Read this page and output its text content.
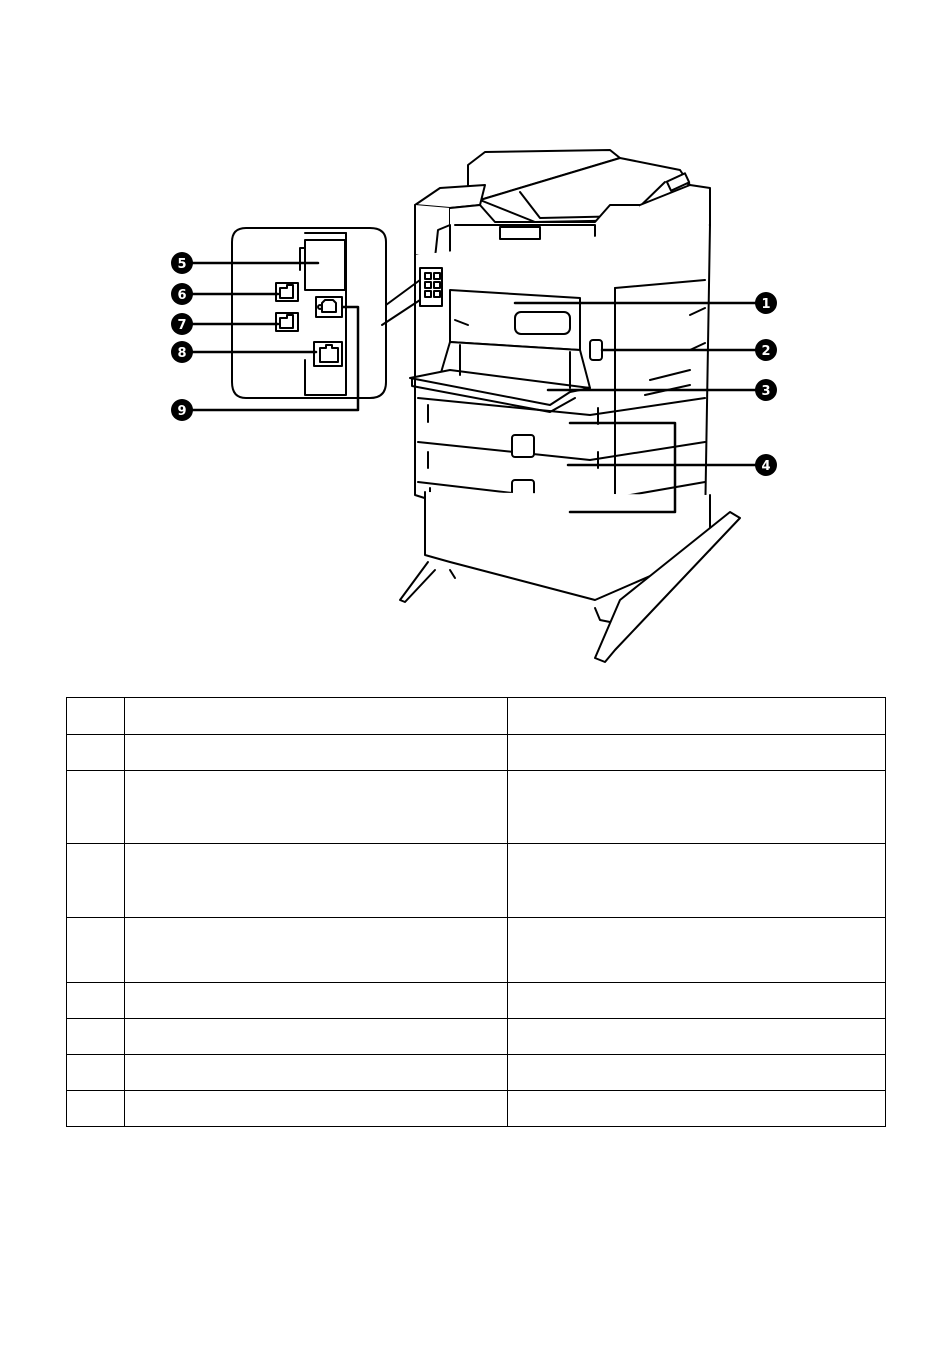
5
6
7
8
9
1
2
3
4
